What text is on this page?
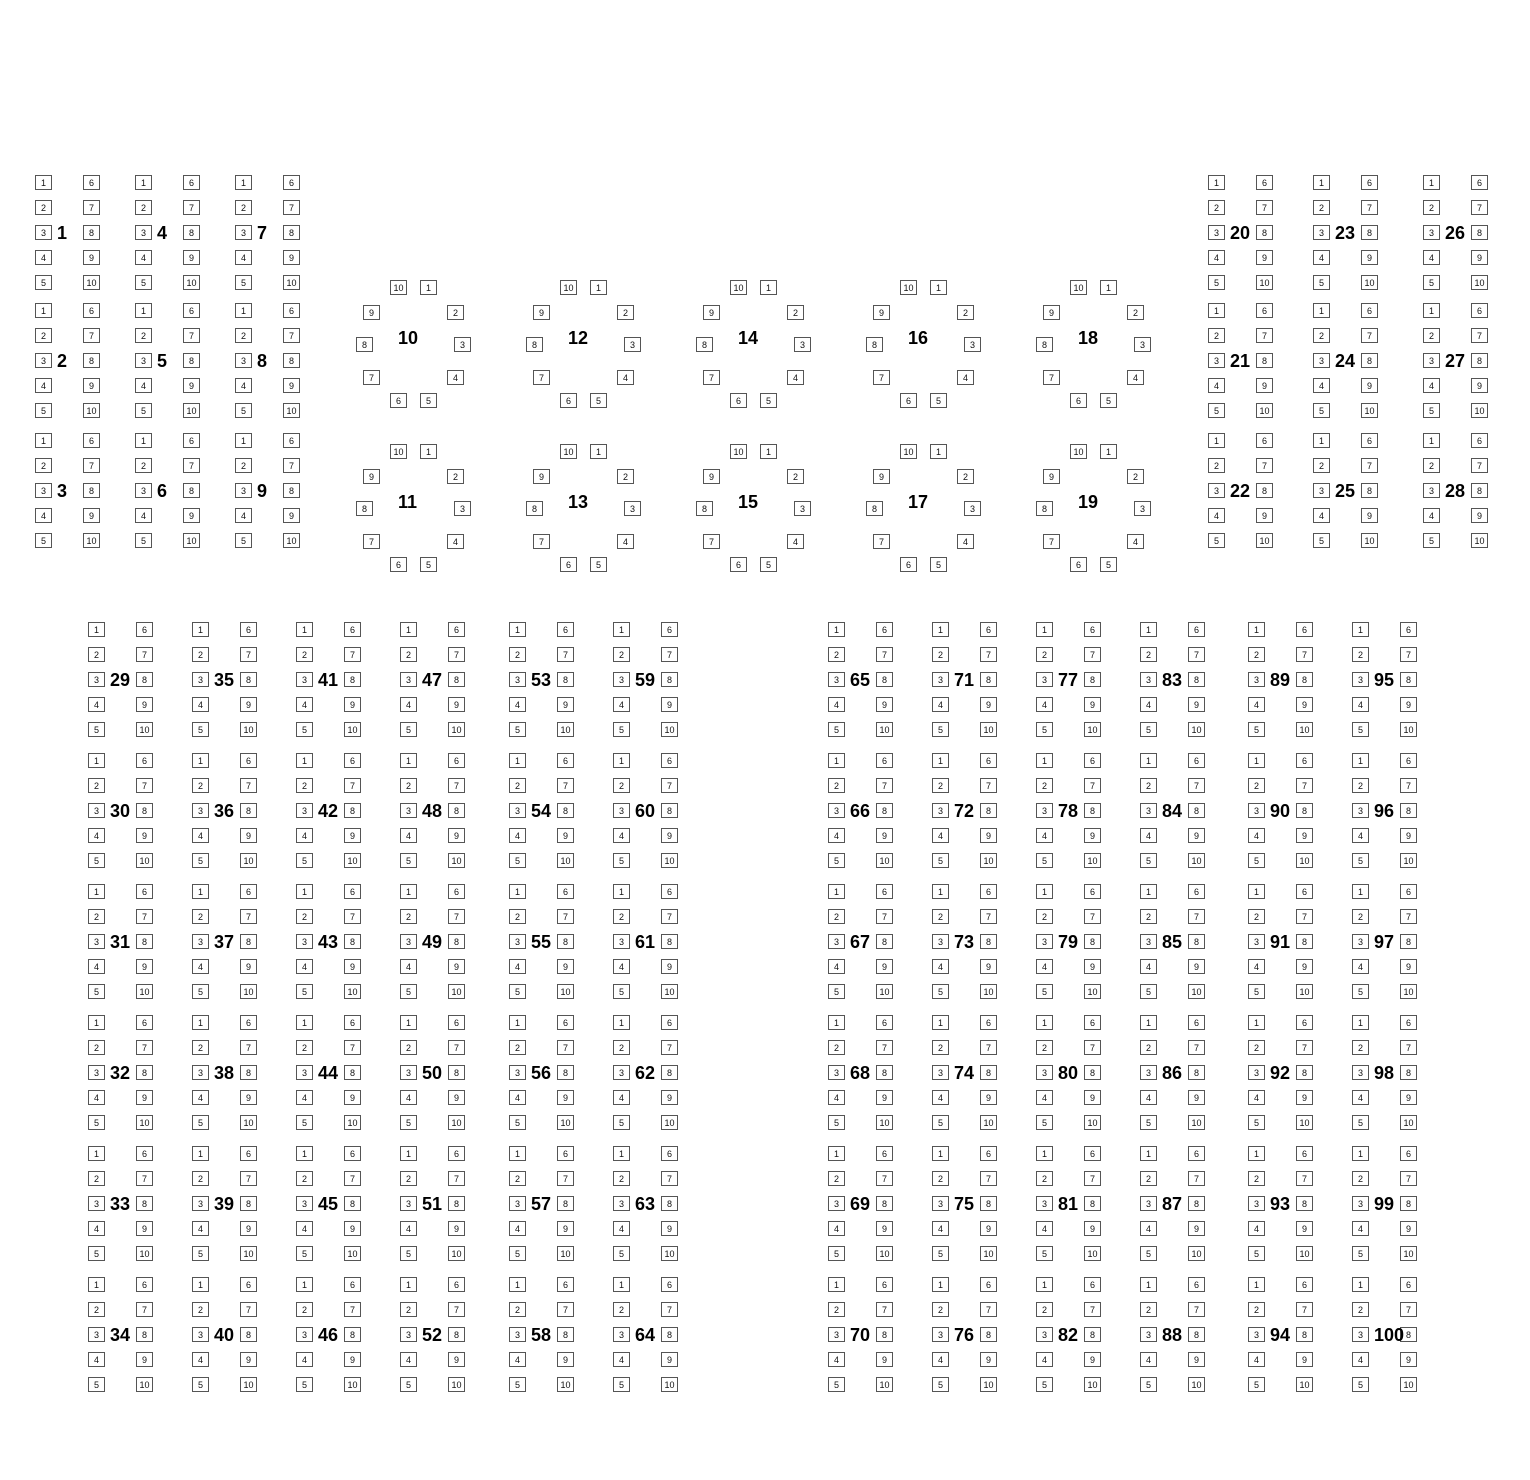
1
2
3
4
5
6
7
8
9
10
1
1
2
3
4
5
6
7
8
9
10
4
1
2
3
4
5
6
7
8
9
10
7
1
2
3
4
5
6
7
8
9
10
2
1
2
3
4
5
6
7
8
9
10
5
1
2
3
4
5
6
7
8
9
10
8
1
2
3
4
5
6
7
8
9
10
3
1
2
3
4
5
6
7
8
9
10
6
1
2
3
4
5
6
7
8
9
10
9
10	1
2
3
4
5
6
7
8
9
10
10	1
2
3
4
5
6
7
8
9
12
10	1
2
3
4
5
6
7
8
9
14
10	1
2
3
4
5
6
7
8
9
16
10	1
2
3
4
5
6
7
8
9
18
10	1
2
3
4
5
6
7
8
9
11
10	1
2
3
4
5
6
7
8
9
13
10	1
2
3
4
5
6
7
8
9
15
10	1
2
3
4
5
6
7
8
9
17
10	1
2
3
4
5
6
7
8
9
19
1
2
3
4
5
6
7
8
9
10
20
1
2
3
4
5
6
7
8
9
10
23
1
2
3
4
5
6
7
8
9
10
26
1
2
3
4
5
6
7
8
9
10
21
1
2
3
4
5
6
7
8
9
10
24
1
2
3
4
5
6
7
8
9
10
27
1
2
3
4
5
6
7
8
9
10
22
1
2
3
4
5
6
7
8
9
10
25
1
2
3
4
5
6
7
8
9
10
28
1
2
3
4
5
6
7
8
9
10
29
1
2
3
4
5
6
7
8
9
10
35
1
2
3
4
5
6
7
8
9
10
41
1
2
3
4
5
6
7
8
9
10
47
1
2
3
4
5
6
7
8
9
10
53
1
2
3
4
5
6
7
8
9
10
59
1
2
3
4
5
6
7
8
9
10
30
1
2
3
4
5
6
7
8
9
10
36
1
2
3
4
5
6
7
8
9
10
42
1
2
3
4
5
6
7
8
9
10
48
1
2
3
4
5
6
7
8
9
10
54
1
2
3
4
5
6
7
8
9
10
60
1
2
3
4
5
6
7
8
9
10
31
1
2
3
4
5
6
7
8
9
10
37
1
2
3
4
5
6
7
8
9
10
43
1
2
3
4
5
6
7
8
9
10
49
1
2
3
4
5
6
7
8
9
10
55
1
2
3
4
5
6
7
8
9
10
61
1
2
3
4
5
6
7
8
9
10
32
1
2
3
4
5
6
7
8
9
10
38
1
2
3
4
5
6
7
8
9
10
44
1
2
3
4
5
6
7
8
9
10
50
1
2
3
4
5
6
7
8
9
10
56
1
2
3
4
5
6
7
8
9
10
62
1
2
3
4
5
6
7
8
9
10
33
1
2
3
4
5
6
7
8
9
10
39
1
2
3
4
5
6
7
8
9
10
45
1
2
3
4
5
6
7
8
9
10
51
1
2
3
4
5
6
7
8
9
10
57
1
2
3
4
5
6
7
8
9
10
63
1
2
3
4
5
6
7
8
9
10
34
1
2
3
4
5
6
7
8
9
10
40
1
2
3
4
5
6
7
8
9
10
46
1
2
3
4
5
6
7
8
9
10
52
1
2
3
4
5
6
7
8
9
10
58
1
2
3
4
5
6
7
8
9
10
64
1
2
3
4
5
6
7
8
9
10
65
1
2
3
4
5
6
7
8
9
10
71
1
2
3
4
5
6
7
8
9
10
77
1
2
3
4
5
6
7
8
9
10
83
1
2
3
4
5
6
7
8
9
10
89
1
2
3
4
5
6
7
8
9
10
95
1
2
3
4
5
6
7
8
9
10
66
1
2
3
4
5
6
7
8
9
10
72
1
2
3
4
5
6
7
8
9
10
78
1
2
3
4
5
6
7
8
9
10
84
1
2
3
4
5
6
7
8
9
10
90
1
2
3
4
5
6
7
8
9
10
96
1
2
3
4
5
6
7
8
9
10
67
1
2
3
4
5
6
7
8
9
10
73
1
2
3
4
5
6
7
8
9
10
79
1
2
3
4
5
6
7
8
9
10
85
1
2
3
4
5
6
7
8
9
10
91
1
2
3
4
5
6
7
8
9
10
97
1
2
3
4
5
6
7
8
9
10
68
1
2
3
4
5
6
7
8
9
10
74
1
2
3
4
5
6
7
8
9
10
80
1
2
3
4
5
6
7
8
9
10
86
1
2
3
4
5
6
7
8
9
10
92
1
2
3
4
5
6
7
8
9
10
98
1
2
3
4
5
6
7
8
9
10
69
1
2
3
4
5
6
7
8
9
10
75
1
2
3
4
5
6
7
8
9
10
81
1
2
3
4
5
6
7
8
9
10
87
1
2
3
4
5
6
7
8
9
10
93
1
2
3
4
5
6
7
8
9
10
99
1
2
3
4
5
6
7
8
9
10
70
1
2
3
4
5
6
7
8
9
10
76
1
2
3
4
5
6
7
8
9
10
82
1
2
3
4
5
6
7
8
9
10
88
1
2
3
4
5
6
7
8
9
10
94
1
2
3
4
5
6
7
8
9
10
100
